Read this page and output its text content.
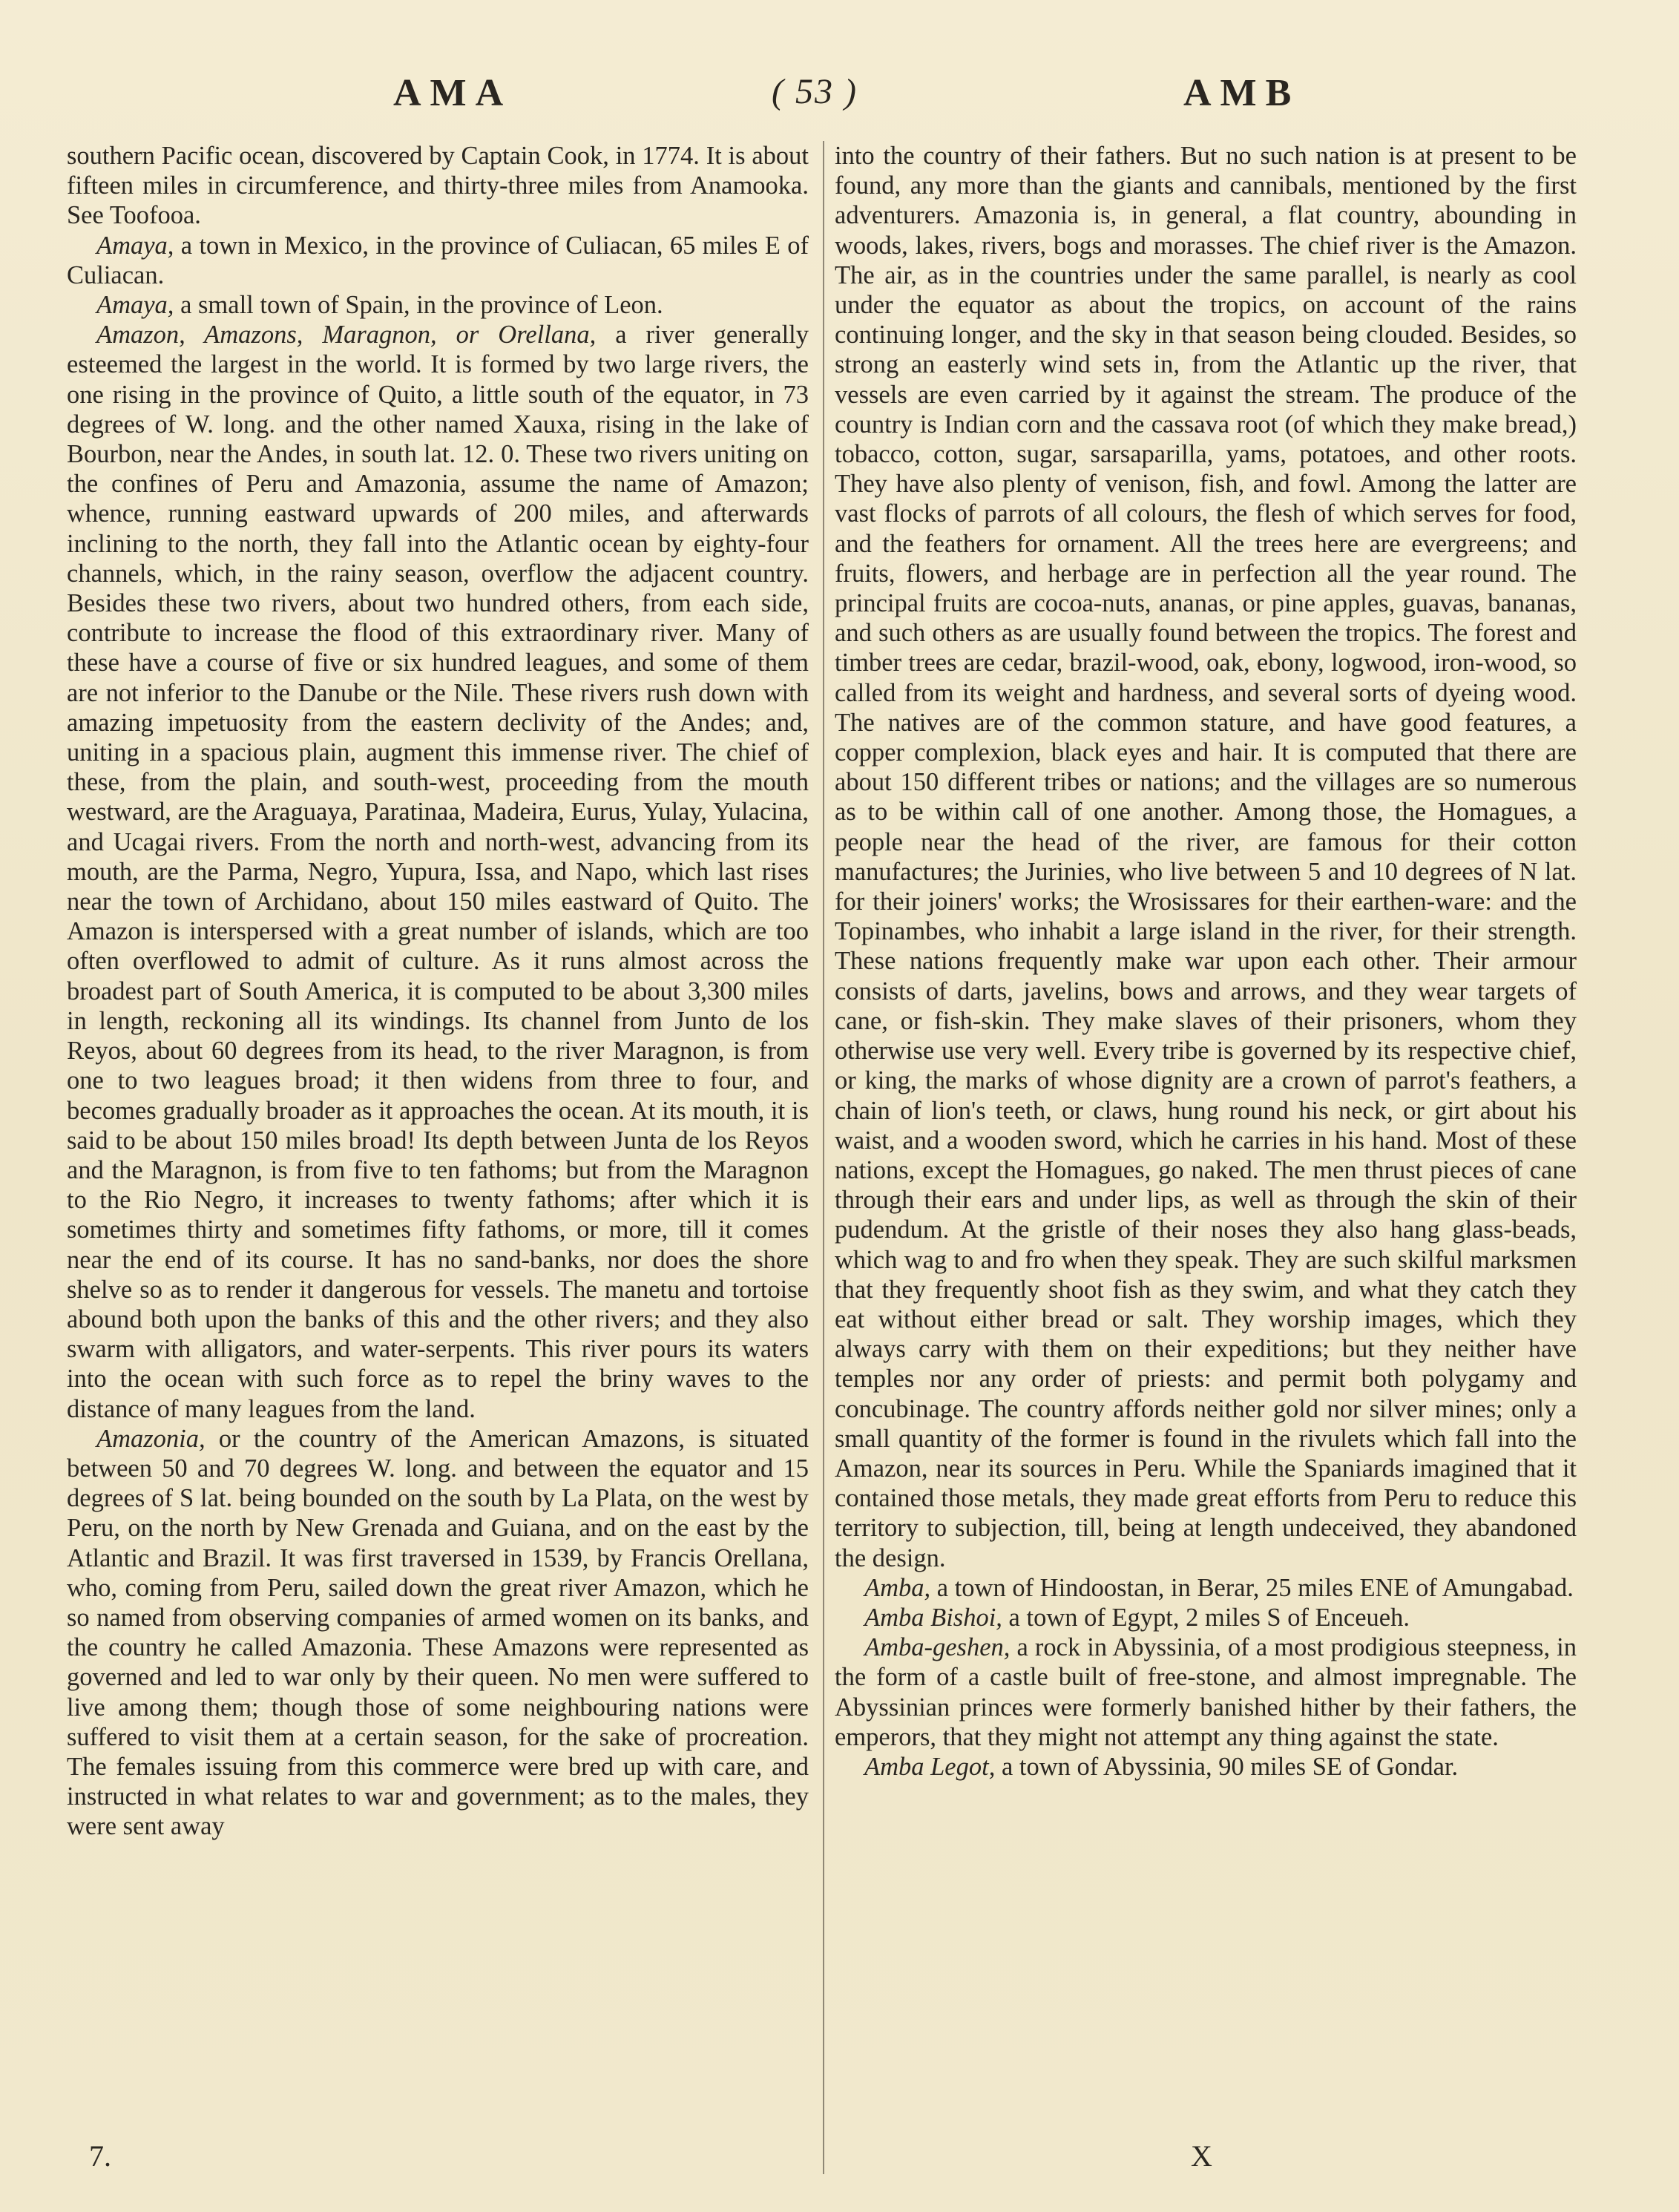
AMA	( 53 )	AMB

southern Pacific ocean, discovered by Captain Cook, in 1774. It is about fifteen miles in circumference, and thirty-three miles from Anamooka. See Toofooa.

Amaya, a town in Mexico, in the province of Culiacan, 65 miles E of Culiacan.

Amaya, a small town of Spain, in the province of Leon.

Amazon, Amazons, Maragnon, or Orellana, a river generally esteemed the largest in the world. It is formed by two large rivers, the one rising in the province of Quito, a little south of the equator, in 73 degrees of W. long. and the other named Xauxa, rising in the lake of Bourbon, near the Andes, in south lat. 12. 0. These two rivers uniting on the confines of Peru and Amazonia, assume the name of Amazon; whence, running eastward upwards of 200 miles, and afterwards inclining to the north, they fall into the Atlantic ocean by eighty-four channels, which, in the rainy season, overflow the adjacent country. Besides these two rivers, about two hundred others, from each side, contribute to increase the flood of this extraordinary river. Many of these have a course of five or six hundred leagues, and some of them are not inferior to the Danube or the Nile. These rivers rush down with amazing impetuosity from the eastern declivity of the Andes; and, uniting in a spacious plain, augment this immense river. The chief of these, from the plain, and south-west, proceeding from the mouth westward, are the Araguaya, Paratinaa, Madeira, Eurus, Yulay, Yulacina, and Ucagai rivers. From the north and north-west, advancing from its mouth, are the Parma, Negro, Yupura, Issa, and Napo, which last rises near the town of Archidano, about 150 miles eastward of Quito. The Amazon is interspersed with a great number of islands, which are too often overflowed to admit of culture. As it runs almost across the broadest part of South America, it is computed to be about 3,300 miles in length, reckoning all its windings. Its channel from Junto de los Reyos, about 60 degrees from its head, to the river Maragnon, is from one to two leagues broad; it then widens from three to four, and becomes gradually broader as it approaches the ocean. At its mouth, it is said to be about 150 miles broad! Its depth between Junta de los Reyos and the Maragnon, is from five to ten fathoms; but from the Maragnon to the Rio Negro, it increases to twenty fathoms; after which it is sometimes thirty and sometimes fifty fathoms, or more, till it comes near the end of its course. It has no sand-banks, nor does the shore shelve so as to render it dangerous for vessels. The manetu and tortoise abound both upon the banks of this and the other rivers; and they also swarm with alligators, and water-serpents. This river pours its waters into the ocean with such force as to repel the briny waves to the distance of many leagues from the land.

Amazonia, or the country of the American Amazons, is situated between 50 and 70 degrees W. long. and between the equator and 15 degrees of S lat. being bounded on the south by La Plata, on the west by Peru, on the north by New Grenada and Guiana, and on the east by the Atlantic and Brazil. It was first traversed in 1539, by Francis Orellana, who, coming from Peru, sailed down the great river Amazon, which he so named from observing companies of armed women on its banks, and the country he called Amazonia. These Amazons were represented as governed and led to war only by their queen. No men were suffered to live among them; though those of some neighbouring nations were suffered to visit them at a certain season, for the sake of procreation. The females issuing from this commerce were bred up with care, and instructed in what relates to war and government; as to the males, they were sent away

into the country of their fathers. But no such nation is at present to be found, any more than the giants and cannibals, mentioned by the first adventurers. Amazonia is, in general, a flat country, abounding in woods, lakes, rivers, bogs and morasses. The chief river is the Amazon. The air, as in the countries under the same parallel, is nearly as cool under the equator as about the tropics, on account of the rains continuing longer, and the sky in that season being clouded. Besides, so strong an easterly wind sets in, from the Atlantic up the river, that vessels are even carried by it against the stream. The produce of the country is Indian corn and the cassava root (of which they make bread,) tobacco, cotton, sugar, sarsaparilla, yams, potatoes, and other roots. They have also plenty of venison, fish, and fowl. Among the latter are vast flocks of parrots of all colours, the flesh of which serves for food, and the feathers for ornament. All the trees here are evergreens; and fruits, flowers, and herbage are in perfection all the year round. The principal fruits are cocoa-nuts, ananas, or pine apples, guavas, bananas, and such others as are usually found between the tropics. The forest and timber trees are cedar, brazil-wood, oak, ebony, logwood, iron-wood, so called from its weight and hardness, and several sorts of dyeing wood. The natives are of the common stature, and have good features, a copper complexion, black eyes and hair. It is computed that there are about 150 different tribes or nations; and the villages are so numerous as to be within call of one another. Among those, the Homagues, a people near the head of the river, are famous for their cotton manufactures; the Jurinies, who live between 5 and 10 degrees of N lat. for their joiners' works; the Wrosissares for their earthen-ware: and the Topinambes, who inhabit a large island in the river, for their strength. These nations frequently make war upon each other. Their armour consists of darts, javelins, bows and arrows, and they wear targets of cane, or fish-skin. They make slaves of their prisoners, whom they otherwise use very well. Every tribe is governed by its respective chief, or king, the marks of whose dignity are a crown of parrot's feathers, a chain of lion's teeth, or claws, hung round his neck, or girt about his waist, and a wooden sword, which he carries in his hand. Most of these nations, except the Homagues, go naked. The men thrust pieces of cane through their ears and under lips, as well as through the skin of their pudendum. At the gristle of their noses they also hang glass-beads, which wag to and fro when they speak. They are such skilful marksmen that they frequently shoot fish as they swim, and what they catch they eat without either bread or salt. They worship images, which they always carry with them on their expeditions; but they neither have temples nor any order of priests: and permit both polygamy and concubinage. The country affords neither gold nor silver mines; only a small quantity of the former is found in the rivulets which fall into the Amazon, near its sources in Peru. While the Spaniards imagined that it contained those metals, they made great efforts from Peru to reduce this territory to subjection, till, being at length undeceived, they abandoned the design.

Amba, a town of Hindoostan, in Berar, 25 miles ENE of Amungabad.

Amba Bishoi, a town of Egypt, 2 miles S of Enceueh.

Amba-geshen, a rock in Abyssinia, of a most prodigious steepness, in the form of a castle built of free-stone, and almost impregnable. The Abyssinian princes were formerly banished hither by their fathers, the emperors, that they might not attempt any thing against the state.

Amba Legot, a town of Abyssinia, 90 miles SE of Gondar.

7.	X
